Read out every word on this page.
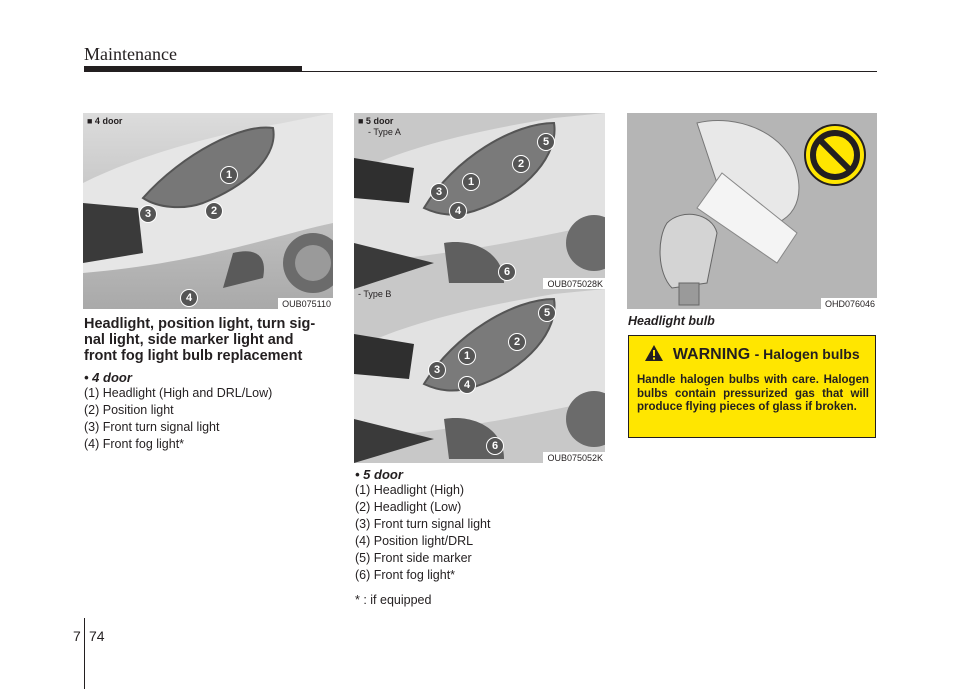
Maintenance
■ 4 door
1
2
3
4	OUB075110
■ 5 door
- Type A
1
2
3
4
5
6
OUB075028K
- Type B
1
2
3
4
5
6
OUB075052K
OHD076046
Headlight bulb
Headlight, position light, turn sig-
nal light, side marker light and
front fog light bulb replacement
• 4 door
(1) Headlight (High and DRL/Low)
(2) Position light
(3) Front turn signal light
(4) Front fog light*
• 5 door
(1) Headlight (High)
(2) Headlight (Low)
(3) Front turn signal light
(4) Position light/DRL
(5) Front side marker
(6) Front fog light*
* : if equipped
WARNING - Halogen bulbs
Handle halogen bulbs with care. Halogen bulbs contain pressurized gas that will produce flying pieces of glass if broken.
7 74
